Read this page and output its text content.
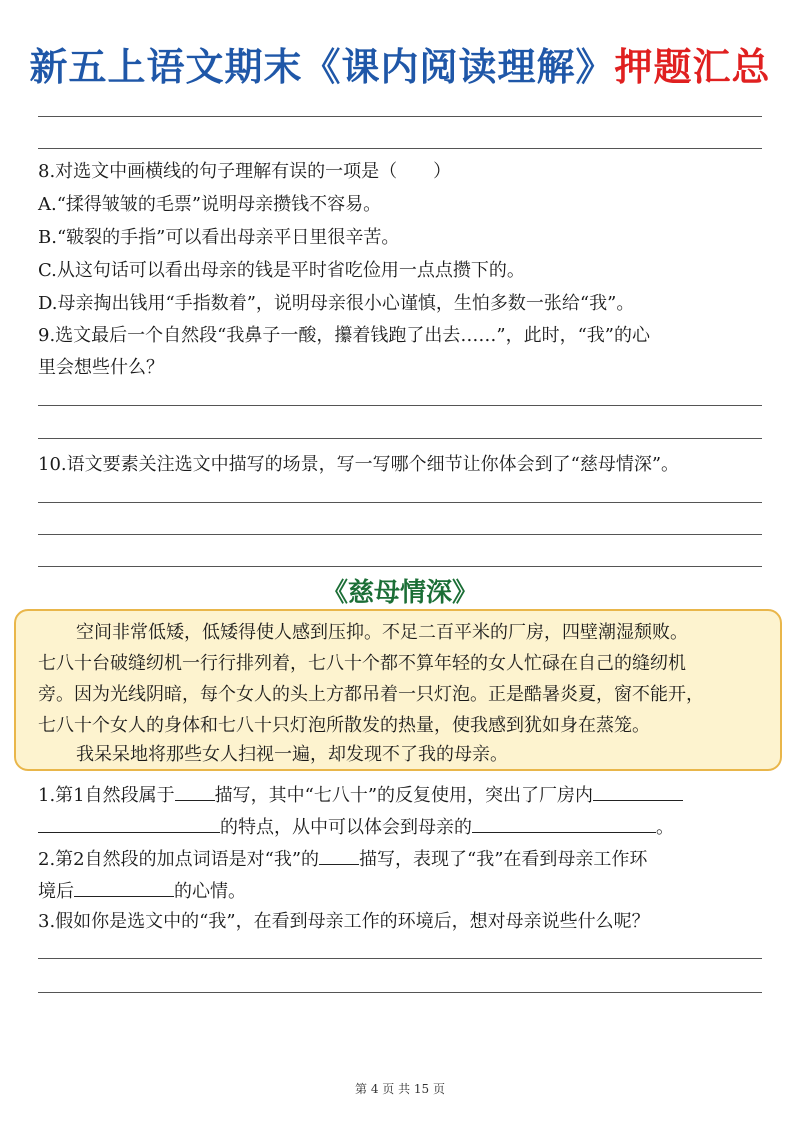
新五上语文期末《课内阅读理解》押题汇总
8.对选文中画横线的句子理解有误的一项是（　　）
A.“揉得皱皱的毛票”说明母亲攒钱不容易。
B.“皲裂的手指”可以看出母亲平日里很辛苦。
C.从这句话可以看出母亲的钱是平时省吃俭用一点点攒下的。
D.母亲掏出钱用“手指数着”，说明母亲很小心谨慎，生怕多数一张给“我”。
9.选文最后一个自然段“我鼻子一酸，攥着钱跑了出去……”，此时，“我”的心
里会想些什么？
10.语文要素关注选文中描写的场景，写一写哪个细节让你体会到了“慈母情深”。
《慈母情深》
空间非常低矮，低矮得使人感到压抑。不足二百平米的厂房，四壁潮湿颓败。
七八十台破缝纫机一行行排列着，七八十个都不算年轻的女人忙碌在自己的缝纫机
旁。因为光线阴暗，每个女人的头上方都吊着一只灯泡。正是酷暑炎夏，窗不能开，
七八十个女人的身体和七八十只灯泡所散发的热量，使我感到犹如身在蒸笼。
我呆呆地将那些女人扫视一遍，却发现不了我的母亲。
1.第1自然段属于 描写，其中“七八十”的反复使用，突出了厂房内
的特点，从中可以体会到母亲的	。
2.第2自然段的加点词语是对“我”的 描写，表现了“我”在看到母亲工作环
境后	的心情。
3.假如你是选文中的“我”，在看到母亲工作的环境后，想对母亲说些什么呢？
第 4 页 共 15 页
